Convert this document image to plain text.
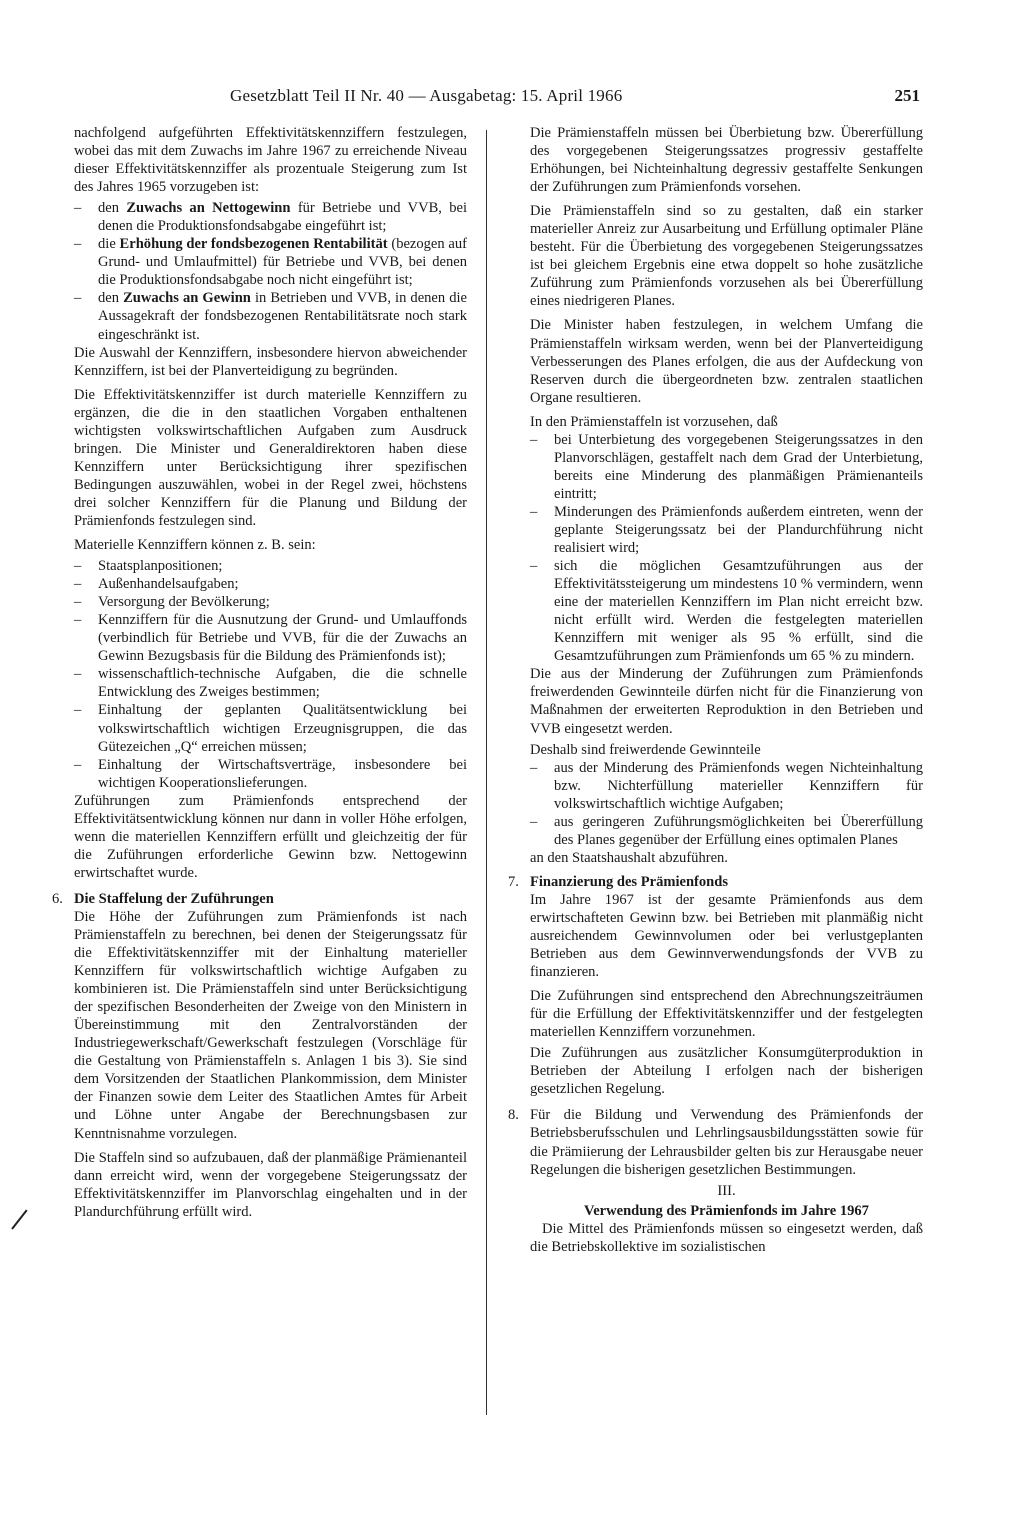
Gesetzblatt Teil II Nr. 40 — Ausgabetag: 15. April 1966	251

nachfolgend aufgeführten Effektivitätskennziffern festzulegen, wobei das mit dem Zuwachs im Jahre 1967 zu erreichende Niveau dieser Effektivitätskennziffer als prozentuale Steigerung zum Ist des Jahres 1965 vorzugeben ist:

– den Zuwachs an Nettogewinn für Betriebe und VVB, bei denen die Produktionsfondsabgabe eingeführt ist;
– die Erhöhung der fondsbezogenen Rentabilität (bezogen auf Grund- und Umlaufmittel) für Betriebe und VVB, bei denen die Produktionsfondsabgabe noch nicht eingeführt ist;
– den Zuwachs an Gewinn in Betrieben und VVB, in denen die Aussagekraft der fondsbezogenen Rentabilitätsrate noch stark eingeschränkt ist.

Die Auswahl der Kennziffern, insbesondere hiervon abweichender Kennziffern, ist bei der Planverteidigung zu begründen.

Die Effektivitätskennziffer ist durch materielle Kennziffern zu ergänzen, die die in den staatlichen Vorgaben enthaltenen wichtigsten volkswirtschaftlichen Aufgaben zum Ausdruck bringen. Die Minister und Generaldirektoren haben diese Kennziffern unter Berücksichtigung ihrer spezifischen Bedingungen auszuwählen, wobei in der Regel zwei, höchstens drei solcher Kennziffern für die Planung und Bildung der Prämienfonds festzulegen sind.

Materielle Kennziffern können z. B. sein:

– Staatsplanpositionen;
– Außenhandelsaufgaben;
– Versorgung der Bevölkerung;
– Kennziffern für die Ausnutzung der Grund- und Umlauffonds (verbindlich für Betriebe und VVB, für die der Zuwachs an Gewinn Bezugsbasis für die Bildung des Prämienfonds ist);
– wissenschaftlich-technische Aufgaben, die die schnelle Entwicklung des Zweiges bestimmen;
– Einhaltung der geplanten Qualitätsentwicklung bei volkswirtschaftlich wichtigen Erzeugnisgruppen, die das Gütezeichen „Q“ erreichen müssen;
– Einhaltung der Wirtschaftsverträge, insbesondere bei wichtigen Kooperationslieferungen.

Zuführungen zum Prämienfonds entsprechend der Effektivitätsentwicklung können nur dann in voller Höhe erfolgen, wenn die materiellen Kennziffern erfüllt und gleichzeitig der für die Zuführungen erforderliche Gewinn bzw. Nettogewinn erwirtschaftet wurde.

6. Die Staffelung der Zuführungen

Die Höhe der Zuführungen zum Prämienfonds ist nach Prämienstaffeln zu berechnen, bei denen der Steigerungssatz für die Effektivitätskennziffer mit der Einhaltung materieller Kennziffern für volkswirtschaftlich wichtige Aufgaben zu kombinieren ist. Die Prämienstaffeln sind unter Berücksichtigung der spezifischen Besonderheiten der Zweige von den Ministern in Übereinstimmung mit den Zentralvorständen der Industriegewerkschaft/Gewerkschaft festzulegen (Vorschläge für die Gestaltung von Prämienstaffeln s. Anlagen 1 bis 3). Sie sind dem Vorsitzenden der Staatlichen Plankommission, dem Minister der Finanzen sowie dem Leiter des Staatlichen Amtes für Arbeit und Löhne unter Angabe der Berechnungsbasen zur Kenntnisnahme vorzulegen.

Die Staffeln sind so aufzubauen, daß der planmäßige Prämienanteil dann erreicht wird, wenn der vorgegebene Steigerungssatz der Effektivitätskennziffer im Planvorschlag eingehalten und in der Plandurchführung erfüllt wird.

Die Prämienstaffeln müssen bei Überbietung bzw. Übererfüllung des vorgegebenen Steigerungssatzes progressiv gestaffelte Erhöhungen, bei Nichteinhaltung degressiv gestaffelte Senkungen der Zuführungen zum Prämienfonds vorsehen.

Die Prämienstaffeln sind so zu gestalten, daß ein starker materieller Anreiz zur Ausarbeitung und Erfüllung optimaler Pläne besteht. Für die Überbietung des vorgegebenen Steigerungssatzes ist bei gleichem Ergebnis eine etwa doppelt so hohe zusätzliche Zuführung zum Prämienfonds vorzusehen als bei Übererfüllung eines niedrigeren Planes.

Die Minister haben festzulegen, in welchem Umfang die Prämienstaffeln wirksam werden, wenn bei der Planverteidigung Verbesserungen des Planes erfolgen, die aus der Aufdeckung von Reserven durch die übergeordneten bzw. zentralen staatlichen Organe resultieren.

In den Prämienstaffeln ist vorzusehen, daß

– bei Unterbietung des vorgegebenen Steigerungssatzes in den Planvorschlägen, gestaffelt nach dem Grad der Unterbietung, bereits eine Minderung des planmäßigen Prämienanteils eintritt;
– Minderungen des Prämienfonds außerdem eintreten, wenn der geplante Steigerungssatz bei der Plandurchführung nicht realisiert wird;
– sich die möglichen Gesamtzuführungen aus der Effektivitätssteigerung um mindestens 10 % vermindern, wenn eine der materiellen Kennziffern im Plan nicht erreicht bzw. nicht erfüllt wird. Werden die festgelegten materiellen Kennziffern mit weniger als 95 % erfüllt, sind die Gesamtzuführungen zum Prämienfonds um 65 % zu mindern.

Die aus der Minderung der Zuführungen zum Prämienfonds freiwerdenden Gewinnteile dürfen nicht für die Finanzierung von Maßnahmen der erweiterten Reproduktion in den Betrieben und VVB eingesetzt werden.

Deshalb sind freiwerdende Gewinnteile

– aus der Minderung des Prämienfonds wegen Nichteinhaltung bzw. Nichterfüllung materieller Kennziffern für volkswirtschaftlich wichtige Aufgaben;
– aus geringeren Zuführungsmöglichkeiten bei Übererfüllung des Planes gegenüber der Erfüllung eines optimalen Planes

an den Staatshaushalt abzuführen.

7. Finanzierung des Prämienfonds

Im Jahre 1967 ist der gesamte Prämienfonds aus dem erwirtschafteten Gewinn bzw. bei Betrieben mit planmäßig nicht ausreichendem Gewinnvolumen oder bei verlustgeplanten Betrieben aus dem Gewinnverwendungsfonds der VVB zu finanzieren.

Die Zuführungen sind entsprechend den Abrechnungszeiträumen für die Erfüllung der Effektivitätskennziffer und der festgelegten materiellen Kennziffern vorzunehmen.

Die Zuführungen aus zusätzlicher Konsumgüterproduktion in Betrieben der Abteilung I erfolgen nach der bisherigen gesetzlichen Regelung.

8. Für die Bildung und Verwendung des Prämienfonds der Betriebsberufsschulen und Lehrlingsausbildungsstätten sowie für die Prämiierung der Lehrausbilder gelten bis zur Herausgabe neuer Regelungen die bisherigen gesetzlichen Bestimmungen.

III.
Verwendung des Prämienfonds im Jahre 1967

Die Mittel des Prämienfonds müssen so eingesetzt werden, daß die Betriebskollektive im sozialistischen
